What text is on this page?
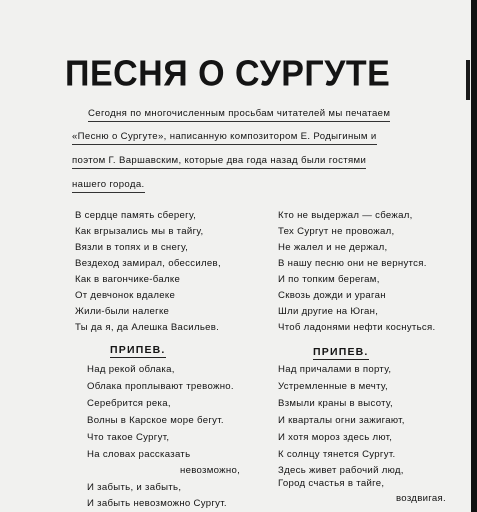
ПЕСНЯ О СУРГУТЕ
Сегодня по многочисленным просьбам читателей мы печатаем
«Песню о Сургуте», написанную композитором Е. Родыгиным и
поэтом Г. Варшавским, которые два года назад были гостями
нашего города.
В сердце память сберегу,
Как вгрызались мы в тайгу,
Вязли в топях и в снегу,
Вездеход замирал, обессилев,
Как в вагончике-балке
От девчонок вдалеке
Жили-были налегке
Ты да я, да Алешка Васильев.
ПРИПЕВ.
Над рекой облака,
Облака проплывают тревожно.
Серебрится река,
Волны в Карское море бегут.
Что такое Сургут,
На словах рассказать
невозможно,
И забыть, и забыть,
И забыть невозможно Сургут.
Кто не выдержал — сбежал,
Тех Сургут не провожал,
Не жалел и не держал,
В нашу песню они не вернутся.
И по топким берегам,
Сквозь дожди и ураган
Шли другие на Юган,
Чтоб ладонями нефти коснуться.
ПРИПЕВ.
Над причалами в порту,
Устремленные в мечту,
Взмыли краны в высоту,
И кварталы огни зажигают,
И хотя мороз здесь лют,
К солнцу тянется Сургут.
Здесь живет рабочий люд,
Город счастья в тайге,
воздвигая.
